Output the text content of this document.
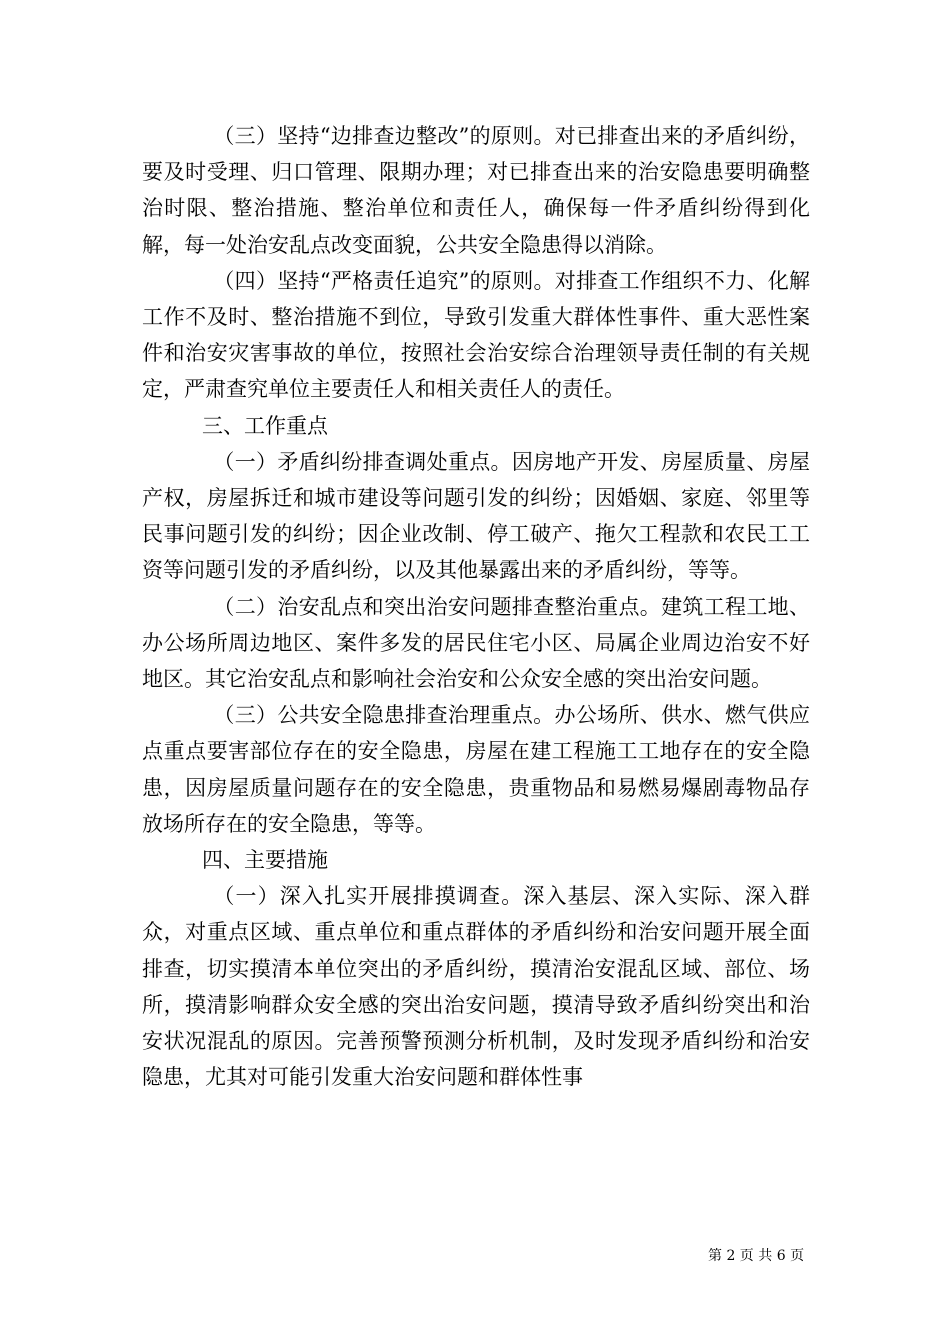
（三）坚持“边排查边整改”的原则。对已排查出来的矛盾纠纷，要及时受理、归口管理、限期办理；对已排查出来的治安隐患要明确整治时限、整治措施、整治单位和责任人，确保每一件矛盾纠纷得到化解，每一处治安乱点改变面貌，公共安全隐患得以消除。

（四）坚持“严格责任追究”的原则。对排查工作组织不力、化解工作不及时、整治措施不到位，导致引发重大群体性事件、重大恶性案件和治安灾害事故的单位，按照社会治安综合治理领导责任制的有关规定，严肃查究单位主要责任人和相关责任人的责任。

三、工作重点

（一）矛盾纠纷排查调处重点。因房地产开发、房屋质量、房屋产权，房屋拆迁和城市建设等问题引发的纠纷；因婚姻、家庭、邻里等民事问题引发的纠纷；因企业改制、停工破产、拖欠工程款和农民工工资等问题引发的矛盾纠纷，以及其他暴露出来的矛盾纠纷，等等。

（二）治安乱点和突出治安问题排查整治重点。建筑工程工地、办公场所周边地区、案件多发的居民住宅小区、局属企业周边治安不好地区。其它治安乱点和影响社会治安和公众安全感的突出治安问题。

（三）公共安全隐患排查治理重点。办公场所、供水、燃气供应点重点要害部位存在的安全隐患，房屋在建工程施工工地存在的安全隐患，因房屋质量问题存在的安全隐患，贵重物品和易燃易爆剧毒物品存放场所存在的安全隐患，等等。

四、主要措施

（一）深入扎实开展排摸调查。深入基层、深入实际、深入群众，对重点区域、重点单位和重点群体的矛盾纠纷和治安问题开展全面排查，切实摸清本单位突出的矛盾纠纷，摸清治安混乱区域、部位、场所，摸清影响群众安全感的突出治安问题，摸清导致矛盾纠纷突出和治安状况混乱的原因。完善预警预测分析机制，及时发现矛盾纠纷和治安隐患，尤其对可能引发重大治安问题和群体性事

第 2 页 共 6 页
